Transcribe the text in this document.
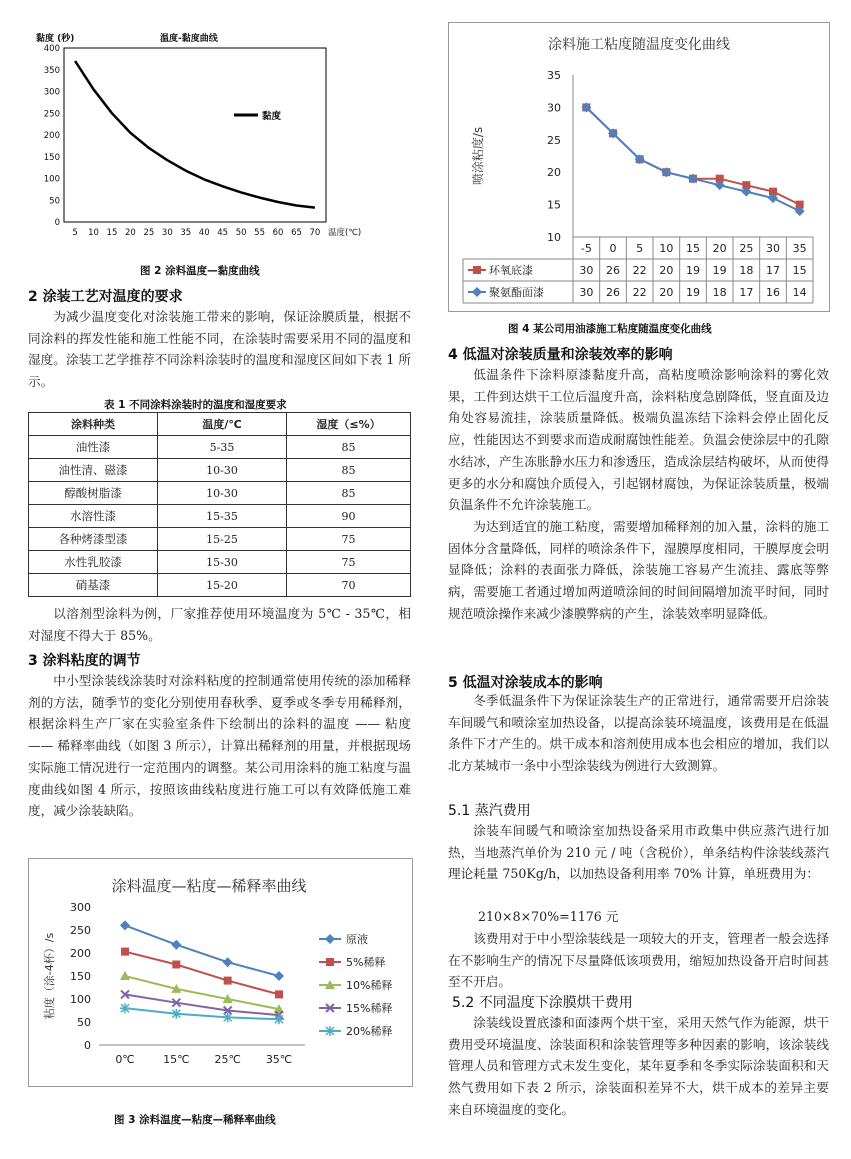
黏度 (秒)	温度-黏度曲线
0
50
100
150
200
250
300
350
400
5 10 15 20 25 30 35 40 45 50 55 60 65 70 温度(℃)
黏度
图 2 涂料温度—黏度曲线
2 涂装工艺对温度的要求

为减少温度变化对涂装施工带来的影响，保证涂膜质量，根据不同涂料的挥发性能和施工性能不同，在涂装时需要采用不同的温度和湿度。涂装工艺学推荐不同涂料涂装时的温度和湿度区间如下表 1 所示。

表 1 不同涂料涂装时的温度和湿度要求
涂料种类	温度/℃	湿度（≤%）
油性漆	5-35	85
油性清、磁漆	10-30	85
醇酸树脂漆	10-30	85
水溶性漆	15-35	90
各种烤漆型漆	15-25	75
水性乳胶漆	15-30	75
硝基漆	15-20	70

以溶剂型涂料为例，厂家推荐使用环境温度为 5℃ - 35℃，相对湿度不得大于 85%。

3 涂料粘度的调节

中小型涂装线涂装时对涂料粘度的控制通常使用传统的添加稀释剂的方法，随季节的变化分别使用春秋季、夏季或冬季专用稀释剂，根据涂料生产厂家在实验室条件下绘制出的涂料的温度 —— 粘度 —— 稀释率曲线（如图 3 所示），计算出稀释剂的用量，并根据现场实际施工情况进行一定范围内的调整。某公司用涂料的施工粘度与温度曲线如图 4 所示，按照该曲线粘度进行施工可以有效降低施工难度，减少涂装缺陷。

涂料温度—粘度—稀释率曲线
粘度（涂-4杯）/s
0
50
100
150
200
250
300
0℃	15℃ 25℃ 35℃
原液
5%稀释
10%稀释
15%稀释
20%稀释
图 3 涂料温度—粘度—稀释率曲线
涂料施工粘度随温度变化曲线
喷涂粘度/s
10
15
20
25
30
35
-5 0 5 10 15 20 25 30 35
环氧底漆	30 26 22 20 19 19 18 17 15
聚氨酯面漆	30 26 22 20 19 18 17 16 14
图 4 某公司用油漆施工粘度随温度变化曲线
4 低温对涂装质量和涂装效率的影响

低温条件下涂料原漆黏度升高，高粘度喷涂影响涂料的雾化效果，工件到达烘干工位后温度升高，涂料粘度急剧降低，竖直面及边角处容易流挂，涂装质量降低。极端负温冻结下涂料会停止固化反应，性能因达不到要求而造成耐腐蚀性能差。负温会使涂层中的孔隙水结冰，产生冻胀静水压力和渗透压，造成涂层结构破坏，从而使得更多的水分和腐蚀介质侵入，引起钢材腐蚀，为保证涂装质量，极端负温条件不允许涂装施工。

为达到适宜的施工粘度，需要增加稀释剂的加入量，涂料的施工固体分含量降低，同样的喷涂条件下，湿膜厚度相同，干膜厚度会明显降低；涂料的表面张力降低，涂装施工容易产生流挂、露底等弊病，需要施工者通过增加两道喷涂间的时间间隔增加流平时间，同时规范喷涂操作来减少漆膜弊病的产生，涂装效率明显降低。

5 低温对涂装成本的影响

冬季低温条件下为保证涂装生产的正常进行，通常需要开启涂装车间暖气和喷涂室加热设备，以提高涂装环境温度，该费用是在低温条件下才产生的。烘干成本和溶剂使用成本也会相应的增加，我们以北方某城市一条中小型涂装线为例进行大致测算。

5.1 蒸汽费用

涂装车间暖气和喷涂室加热设备采用市政集中供应蒸汽进行加热，当地蒸汽单价为 210 元 / 吨（含税价），单条结构件涂装线蒸汽理论耗量 750Kg/h，以加热设备利用率 70% 计算，单班费用为：

210×8×70%=1176 元

该费用对于中小型涂装线是一项较大的开支，管理者一般会选择在不影响生产的情况下尽量降低该项费用，缩短加热设备开启时间甚至不开启。

5.2 不同温度下涂膜烘干费用

涂装线设置底漆和面漆两个烘干室，采用天然气作为能源，烘干费用受环境温度、涂装面积和涂装管理等多种因素的影响，该涂装线管理人员和管理方式未发生变化，某年夏季和冬季实际涂装面积和天然气费用如下表 2 所示，涂装面积差异不大，烘干成本的差异主要来自环境温度的变化。
